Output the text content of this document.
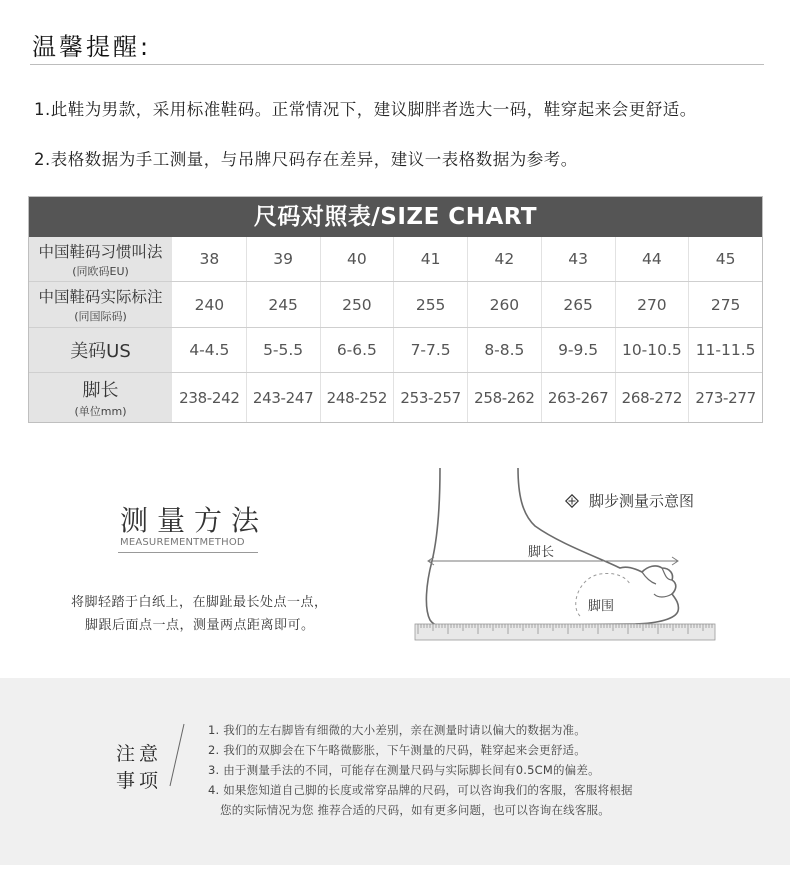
温馨提醒:
1.此鞋为男款，采用标准鞋码。正常情况下，建议脚胖者选大一码，鞋穿起来会更舒适。
2.表格数据为手工测量，与吊牌尺码存在差异，建议一表格数据为参考。
尺码对照表/SIZE CHART
中国鞋码习惯叫法
(同欧码EU)
38	39	40	41	42	43	44	45
中国鞋码实际标注
(同国际码)
240	245	250	255	260	265	270	275
美码US	4-4.5	5-5.5	6-6.5	7-7.5	8-8.5	9-9.5	10-10.5 11-11.5
脚长
(单位mm)
238-242 243-247 248-252 253-257 258-262 263-267 268-272 273-277
测量方法
MEASUREMENTMETHOD
将脚轻踏于白纸上，在脚趾最长处点一点，
脚跟后面点一点，测量两点距离即可。
脚步测量示意图
脚长
脚围
注意事项
1. 我们的左右脚皆有细微的大小差别，亲在测量时请以偏大的数据为准。
2. 我们的双脚会在下午略微膨胀，下午测量的尺码，鞋穿起来会更舒适。
3. 由于测量手法的不同，可能存在测量尺码与实际脚长间有0.5CM的偏差。
4. 如果您知道自己脚的长度或常穿品牌的尺码，可以咨询我们的客服，客服将根据
您的实际情况为您 推荐合适的尺码，如有更多问题，也可以咨询在线客服。
